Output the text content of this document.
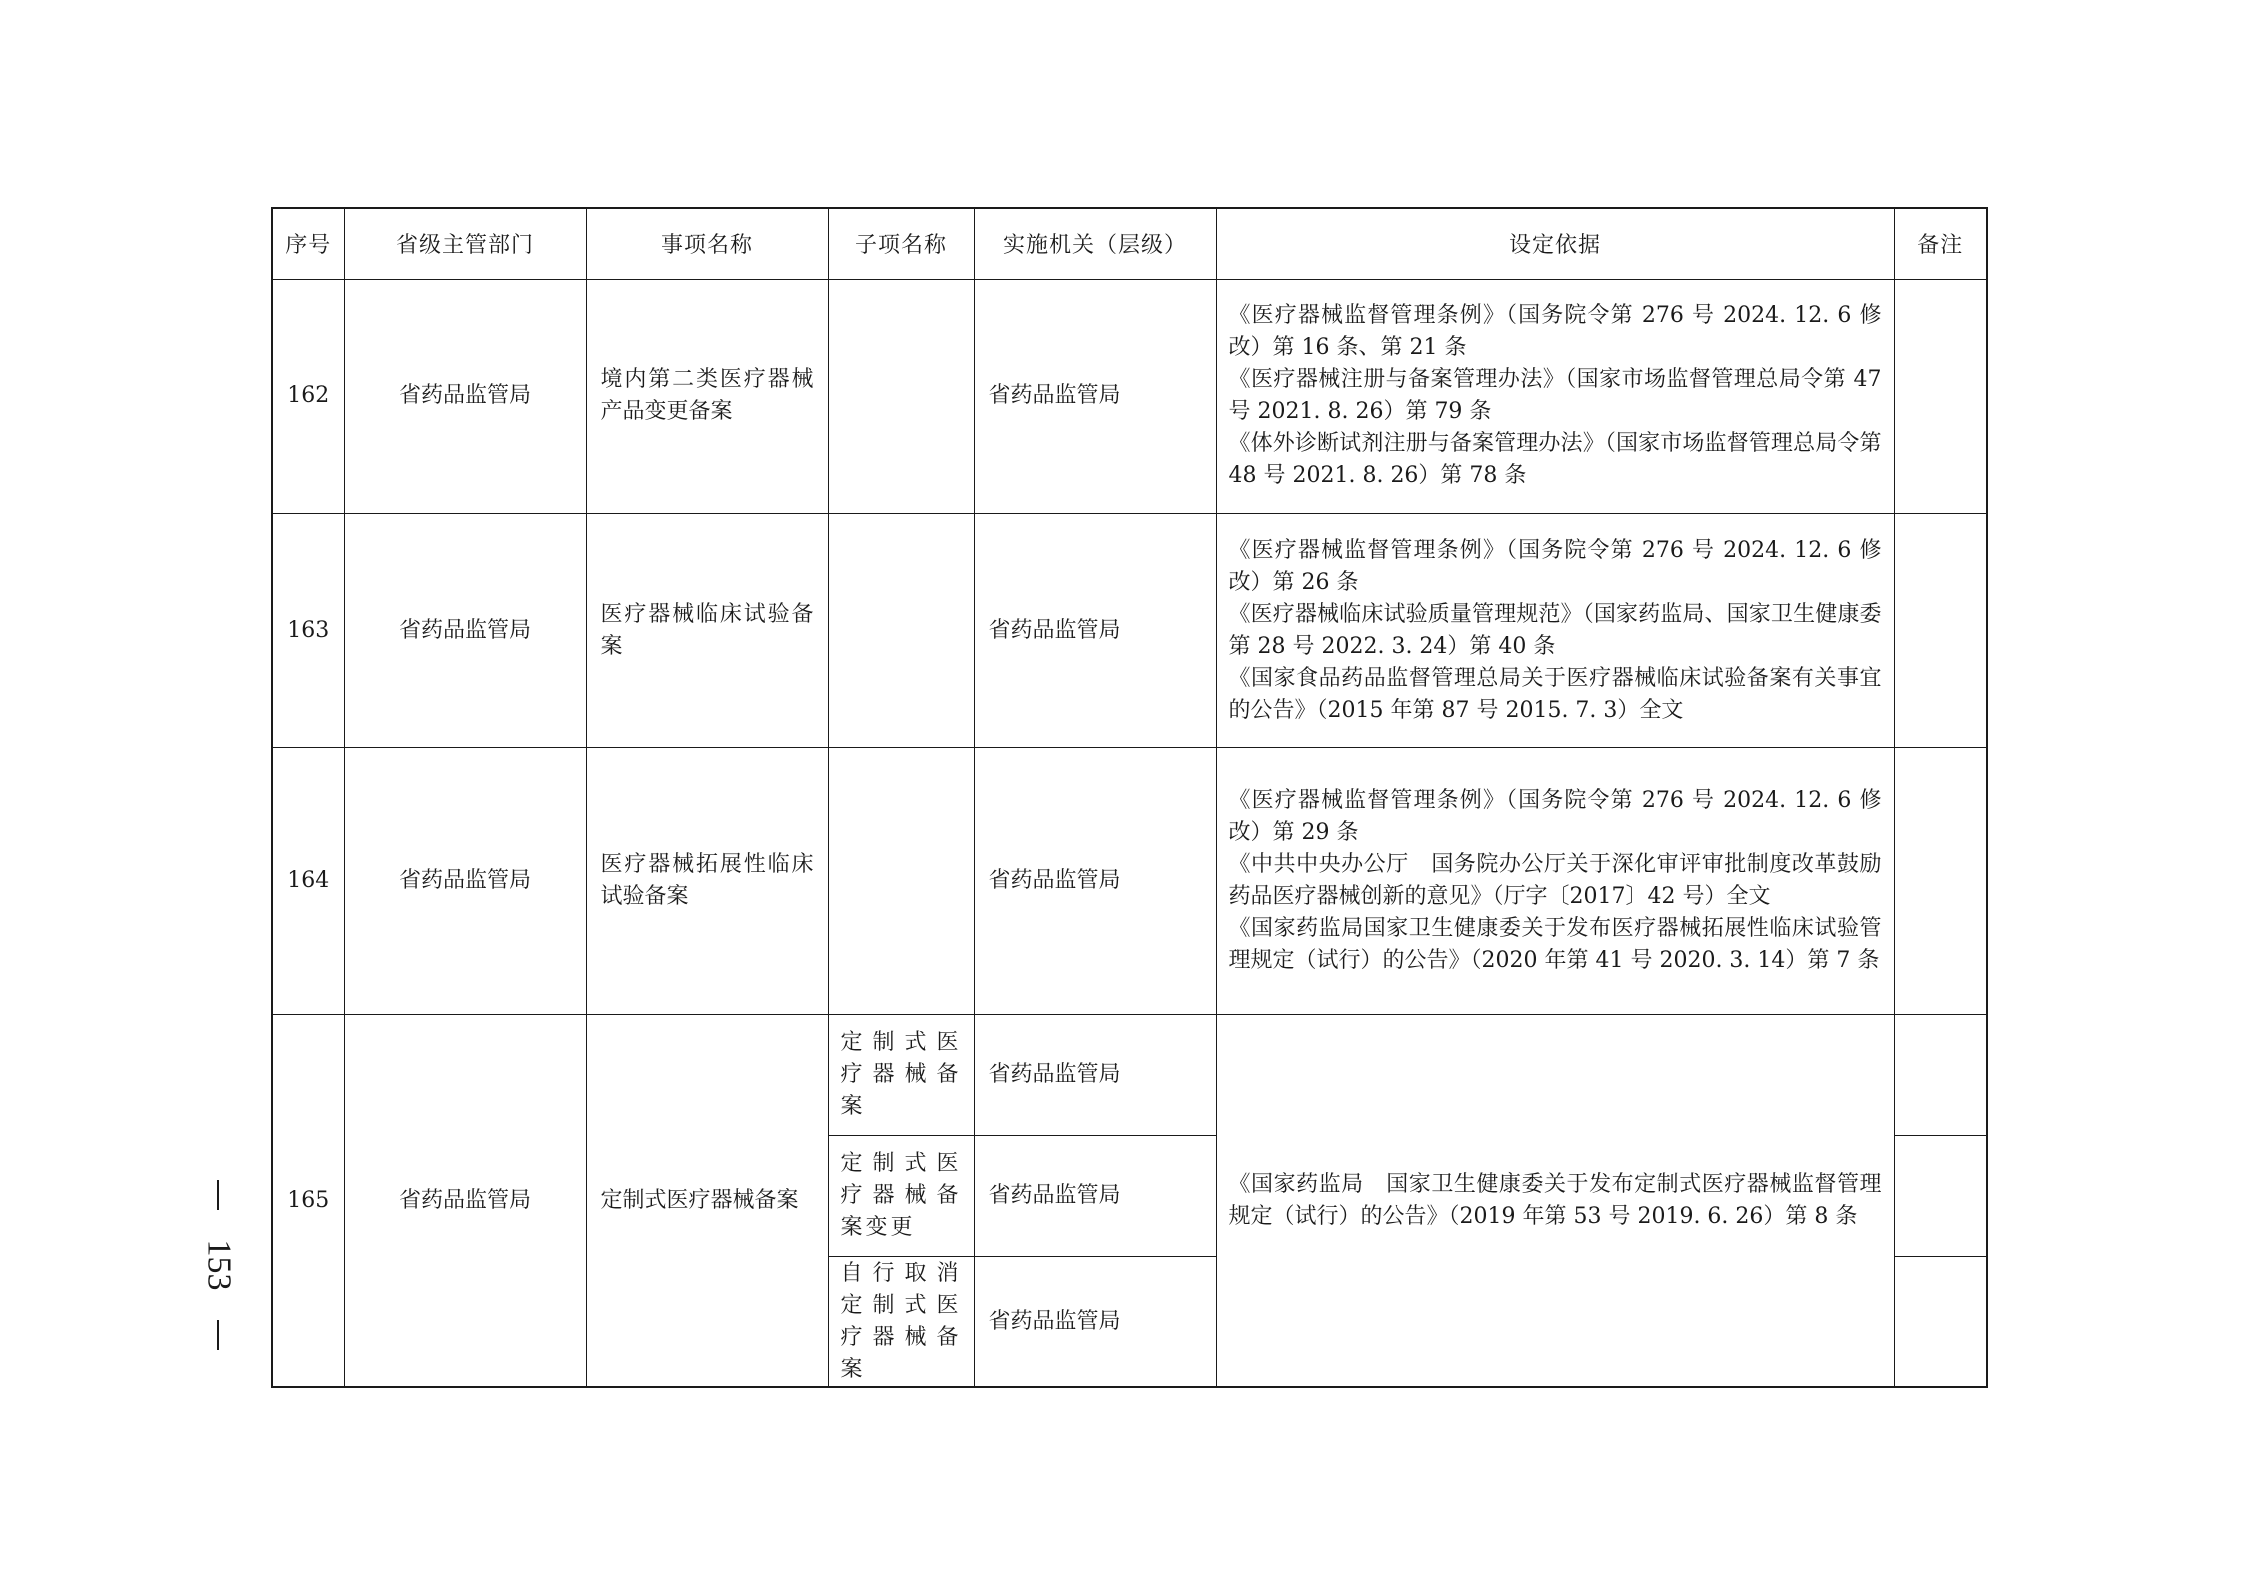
序号	省级主管部门	事项名称	子项名称	实施机关（层级）	设定依据	备注
162	省药品监管局	境内第二类医疗器械产品变更备案		省药品监管局	《医疗器械监督管理条例》（国务院令第 276 号 2024. 12. 6 修改）第 16 条、第 21 条
《医疗器械注册与备案管理办法》（国家市场监督管理总局令第 47 号 2021. 8. 26）第 79 条
《体外诊断试剂注册与备案管理办法》（国家市场监督管理总局令第 48 号 2021. 8. 26）第 78 条	

163	省药品监管局	医疗器械临床试验备案		省药品监管局	《医疗器械监督管理条例》（国务院令第 276 号 2024. 12. 6 修改）第 26 条
《医疗器械临床试验质量管理规范》（国家药监局、国家卫生健康委第 28 号 2022. 3. 24）第 40 条
《国家食品药品监督管理总局关于医疗器械临床试验备案有关事宜的公告》（2015 年第 87 号 2015. 7. 3）全文	

164	省药品监管局	医疗器械拓展性临床试验备案		省药品监管局	《医疗器械监督管理条例》（国务院令第 276 号 2024. 12. 6 修改）第 29 条
《中共中央办公厅　国务院办公厅关于深化审评审批制度改革鼓励药品医疗器械创新的意见》（厅字〔2017〕42 号）全文
《国家药监局国家卫生健康委关于发布医疗器械拓展性临床试验管理规定（试行）的公告》（2020 年第 41 号 2020. 3. 14）第 7 条	

165	省药品监管局	定制式医疗器械备案	定制式医疗器械备案	省药品监管局	《国家药监局　国家卫生健康委关于发布定制式医疗器械监督管理规定（试行）的公告》（2019 年第 53 号 2019. 6. 26）第 8 条	
			定制式医疗器械备案变更	省药品监管局		
			自行取消定制式医疗器械备案	省药品监管局		
153
